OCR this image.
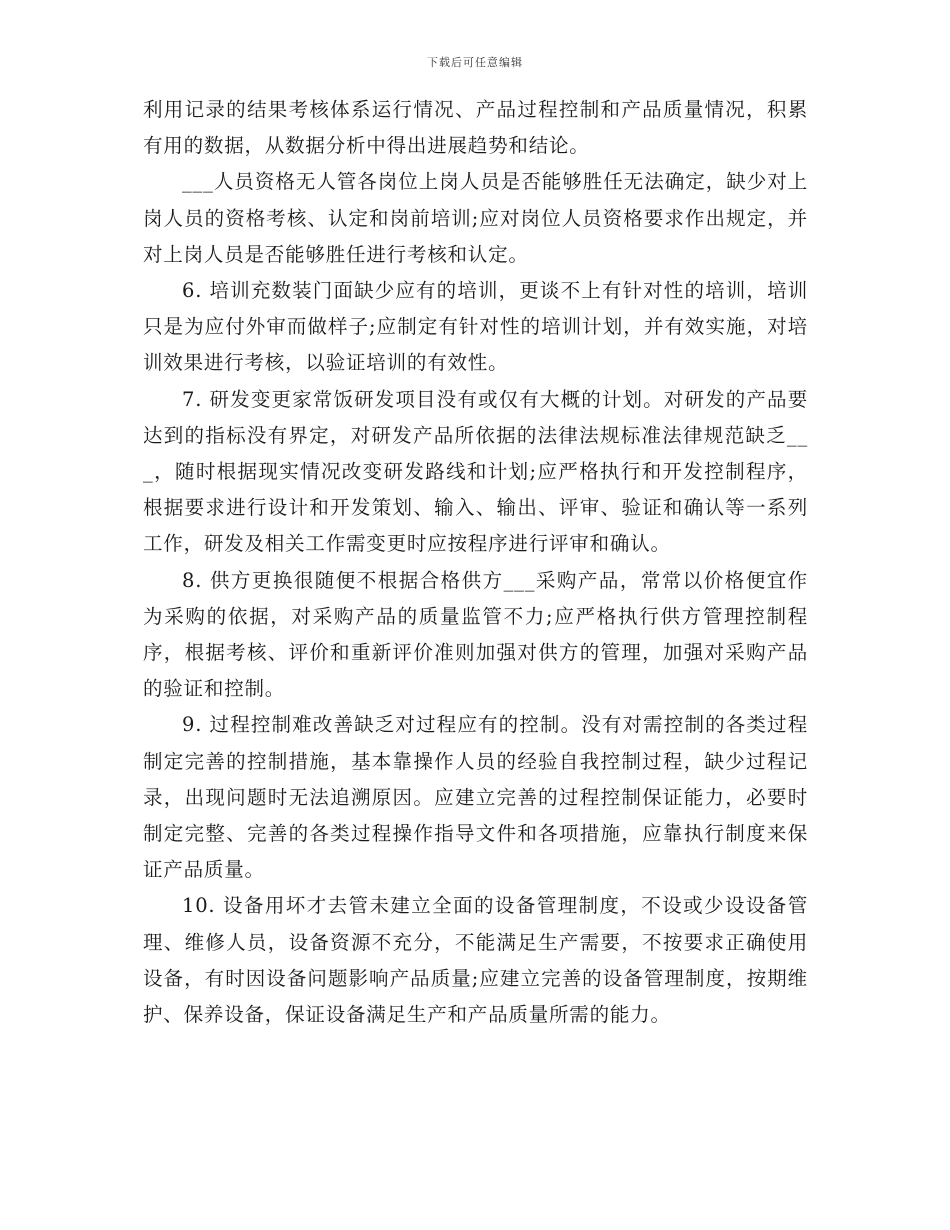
下载后可任意编辑

利用记录的结果考核体系运行情况、产品过程控制和产品质量情况，积累有用的数据，从数据分析中得出进展趋势和结论。

___人员资格无人管各岗位上岗人员是否能够胜任无法确定，缺少对上岗人员的资格考核、认定和岗前培训;应对岗位人员资格要求作出规定，并对上岗人员是否能够胜任进行考核和认定。

6. 培训充数装门面缺少应有的培训，更谈不上有针对性的培训，培训只是为应付外审而做样子;应制定有针对性的培训计划，并有效实施，对培训效果进行考核，以验证培训的有效性。

7. 研发变更家常饭研发项目没有或仅有大概的计划。对研发的产品要达到的指标没有界定，对研发产品所依据的法律法规标准法律规范缺乏___，随时根据现实情况改变研发路线和计划;应严格执行和开发控制程序，根据要求进行设计和开发策划、输入、输出、评审、验证和确认等一系列工作，研发及相关工作需变更时应按程序进行评审和确认。

8. 供方更换很随便不根据合格供方___采购产品，常常以价格便宜作为采购的依据，对采购产品的质量监管不力;应严格执行供方管理控制程序，根据考核、评价和重新评价准则加强对供方的管理，加强对采购产品的验证和控制。

9. 过程控制难改善缺乏对过程应有的控制。没有对需控制的各类过程制定完善的控制措施，基本靠操作人员的经验自我控制过程，缺少过程记录，出现问题时无法追溯原因。应建立完善的过程控制保证能力，必要时制定完整、完善的各类过程操作指导文件和各项措施，应靠执行制度来保证产品质量。

10. 设备用坏才去管未建立全面的设备管理制度，不设或少设设备管理、维修人员，设备资源不充分，不能满足生产需要，不按要求正确使用设备，有时因设备问题影响产品质量;应建立完善的设备管理制度，按期维护、保养设备，保证设备满足生产和产品质量所需的能力。
